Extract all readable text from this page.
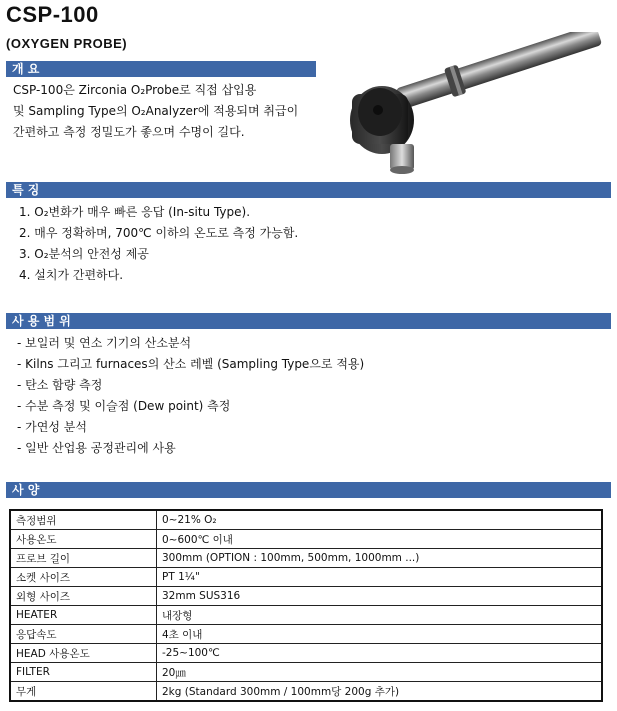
CSP-100
(OXYGEN PROBE)
개 요
CSP-100은 Zirconia O₂Probe로 직접 삽입용
및 Sampling Type의 O₂Analyzer에 적용되며 취급이
간편하고 측정 정밀도가 좋으며 수명이 길다.
특 징
1. O₂변화가 매우 빠른 응답 (In-situ Type).
2. 매우 정확하며, 700℃ 이하의 온도로 측정 가능함.
3. O₂분석의 안전성 제공
4. 설치가 간편하다.
사 용 범 위
- 보일러 및 연소 기기의 산소분석
- Kilns 그리고 furnaces의 산소 레벨 (Sampling Type으로 적용)
- 탄소 함량 측정
- 수분 측정 및 이슬점 (Dew point) 측정
- 가연성 분석
- 일반 산업용 공정관리에 사용
사 양
측정범위	0~21% O₂
사용온도	0~600℃ 이내
프로브 길이	300mm (OPTION : 100mm, 500mm, 1000mm ...)
소켓 사이즈	PT 1¼"
외형 사이즈	32mm SUS316
HEATER	내장형
응답속도	4초 이내
HEAD 사용온도	-25~100℃
FILTER	20㎛
무게	2kg (Standard 300mm / 100mm당 200g 추가)
